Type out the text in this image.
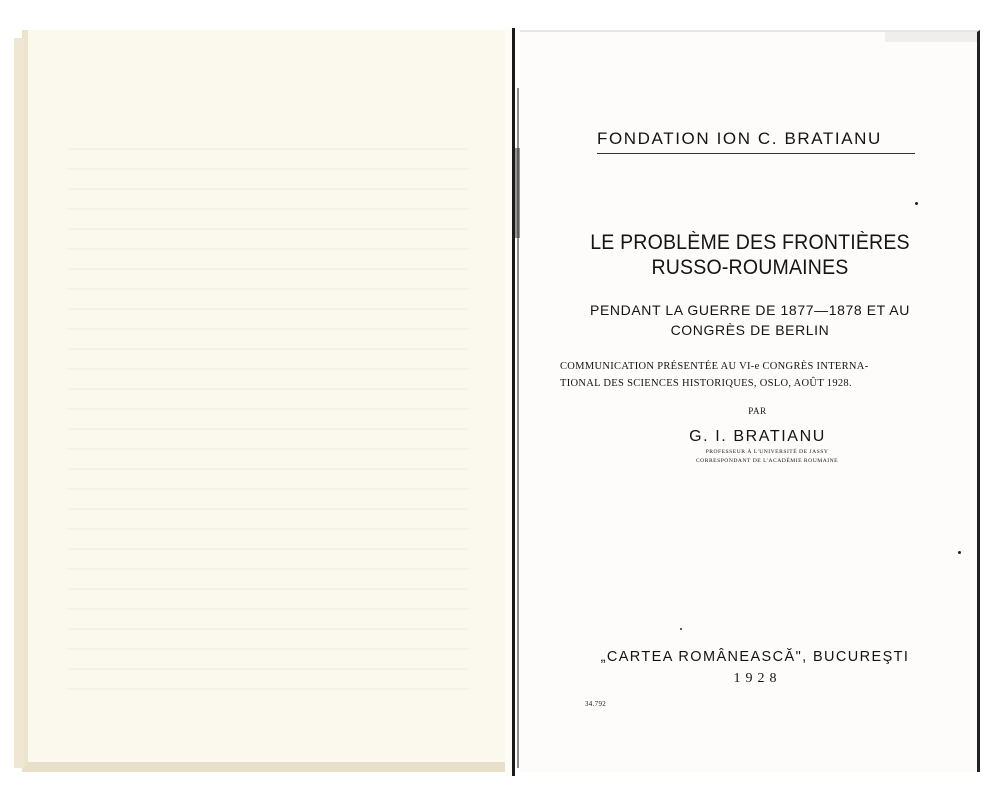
FONDATION ION C. BRATIANU
LE PROBLÈME DES FRONTIÈRES
RUSSO-ROUMAINES
PENDANT LA GUERRE DE 1877—1878 ET AU
CONGRÈS DE BERLIN
COMMUNICATION PRÉSENTÉE AU VI-e CONGRÈS INTERNA-
TIONAL DES SCIENCES HISTORIQUES, OSLO, AOÛT 1928.
PAR
G. I. BRATIANU
PROFESSEUR À L'UNIVERSITÉ DE JASSY
CORRESPONDANT DE L'ACADÉMIE ROUMAINE
„CARTEA ROMÂNEASCĂ", BUCUREŞTI
1928
34.792
